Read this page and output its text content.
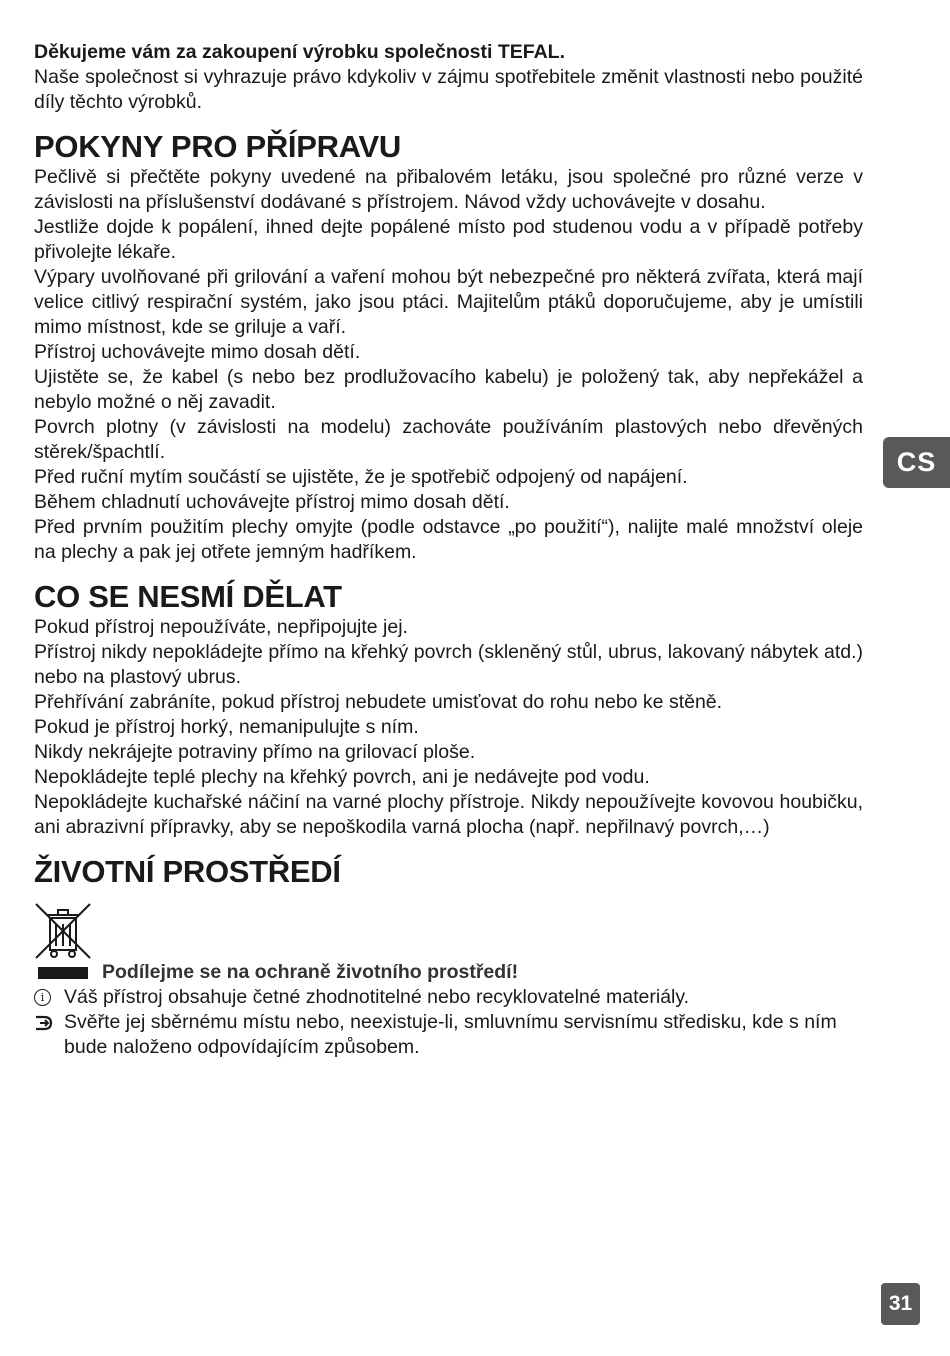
Děkujeme vám za zakoupení výrobku společnosti TEFAL.

Naše společnost si vyhrazuje právo kdykoliv v zájmu spotřebitele změnit vlastnosti nebo použité díly těchto výrobků.

POKYNY PRO PŘÍPRAVU

Pečlivě si přečtěte pokyny uvedené na přibalovém letáku, jsou společné pro různé verze v závislosti na příslušenství dodávané s přístrojem. Návod vždy uchovávejte v dosahu.

Jestliže dojde k popálení, ihned dejte popálené místo pod studenou vodu a v případě potřeby přivolejte lékaře.

Výpary uvolňované při grilování a vaření mohou být nebezpečné pro některá zvířata, která mají velice citlivý respirační systém, jako jsou ptáci. Majitelům ptáků doporučujeme, aby je umístili mimo místnost, kde se griluje a vaří.

Přístroj uchovávejte mimo dosah dětí.

Ujistěte se, že kabel (s nebo bez prodlužovacího kabelu) je položený tak, aby nepřekážel a nebylo možné o něj zavadit.

Povrch plotny (v závislosti na modelu) zachováte používáním plastových nebo dřevěných stěrek/špachtlí.

Před ruční mytím součástí se ujistěte, že je spotřebič odpojený od napájení.

Během chladnutí uchovávejte přístroj mimo dosah dětí.

Před prvním použitím plechy omyjte (podle odstavce „po použití“), nalijte malé množství oleje na plechy a pak jej otřete jemným hadříkem.

CO SE NESMÍ DĚLAT

Pokud přístroj nepoužíváte, nepřipojujte jej.

Přístroj nikdy nepokládejte přímo na křehký povrch (skleněný stůl, ubrus, lakovaný nábytek atd.) nebo na plastový ubrus.

Přehřívání zabráníte, pokud přístroj nebudete umisťovat do rohu nebo ke stěně.

Pokud je přístroj horký, nemanipulujte s ním.

Nikdy nekrájejte potraviny přímo na grilovací ploše.

Nepokládejte teplé plechy na křehký povrch, ani je nedávejte pod vodu.

Nepokládejte kuchařské náčiní na varné plochy přístroje. Nikdy nepoužívejte kovovou houbičku, ani abrazivní přípravky, aby se nepoškodila varná plocha (např. nepřilnavý povrch,…)

ŽIVOTNÍ PROSTŘEDÍ
Podílejme se na ochraně životního prostředí!
i	Váš přístroj obsahuje četné zhodnotitelné nebo recyklovatelné materiály.
Svěřte jej sběrnému místu nebo, neexistuje-li, smluvnímu servisnímu středisku, kde s ním bude naloženo odpovídajícím způsobem.
CS
31
